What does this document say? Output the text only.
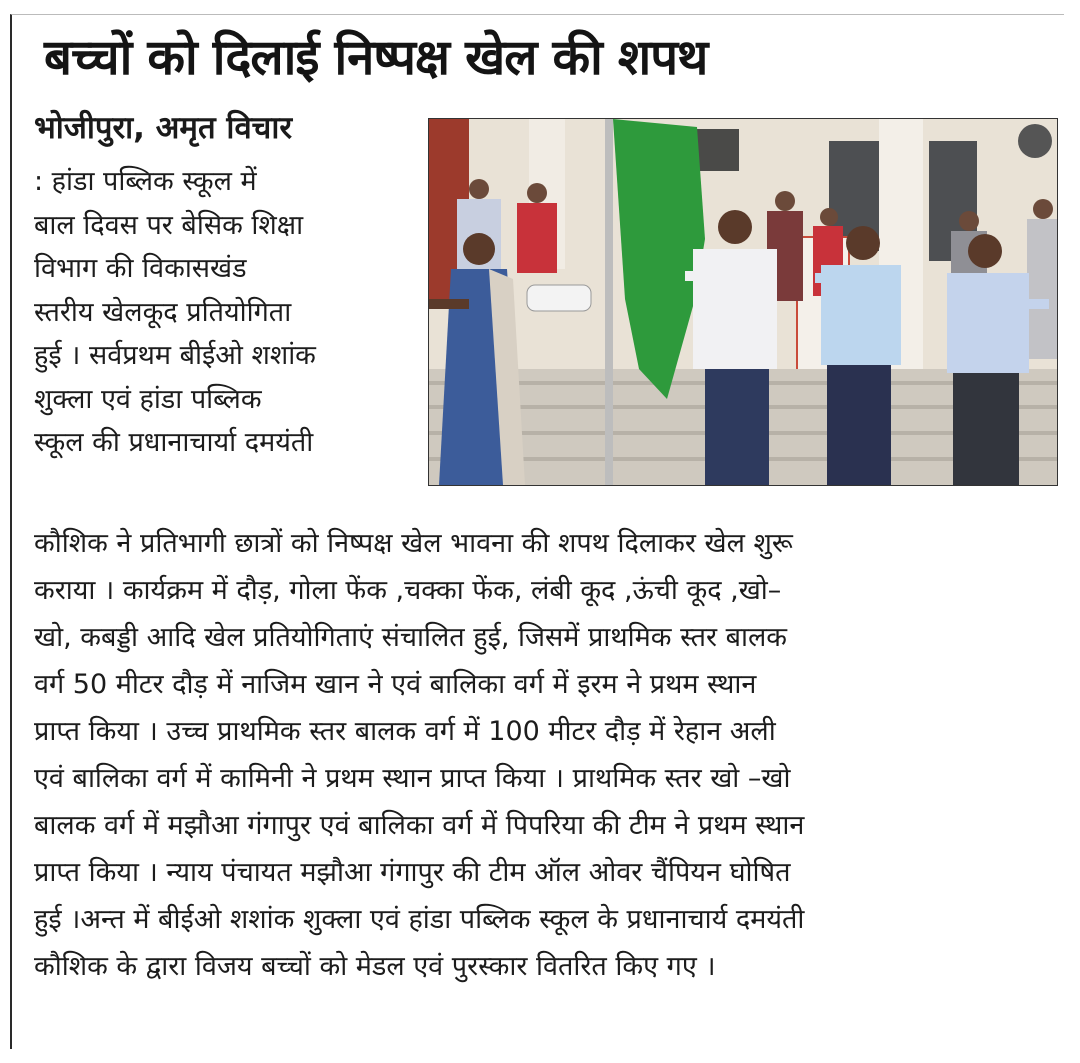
बच्चों को दिलाई निष्पक्ष खेल की शपथ
भोजीपुरा, अमृत विचार
: हांडा पब्लिक स्कूल में
बाल दिवस पर बेसिक शिक्षा
विभाग की विकासखंड
स्तरीय खेलकूद प्रतियोगिता
हुई । सर्वप्रथम बीईओ शशांक
शुक्ला एवं हांडा पब्लिक
स्कूल की प्रधानाचार्या दमयंती
कौशिक ने प्रतिभागी छात्रों को निष्पक्ष खेल भावना की शपथ दिलाकर खेल शुरू
कराया । कार्यक्रम में दौड़, गोला फेंक ,चक्का फेंक, लंबी कूद ,ऊंची कूद ,खो–
खो, कबड्डी आदि खेल प्रतियोगिताएं संचालित हुई, जिसमें प्राथमिक स्तर बालक
वर्ग 50 मीटर दौड़ में नाजिम खान ने एवं बालिका वर्ग में इरम ने प्रथम स्थान
प्राप्त किया । उच्च प्राथमिक स्तर बालक वर्ग में 100 मीटर दौड़ में रेहान अली
एवं बालिका वर्ग में कामिनी ने प्रथम स्थान प्राप्त किया । प्राथमिक स्तर खो –खो
बालक वर्ग में मझौआ गंगापुर एवं बालिका वर्ग में पिपरिया की टीम ने प्रथम स्थान
प्राप्त किया । न्याय पंचायत मझौआ गंगापुर की टीम ऑल ओवर चैंपियन घोषित
हुई ।अन्त में बीईओ शशांक शुक्ला एवं हांडा पब्लिक स्कूल के प्रधानाचार्य दमयंती
कौशिक के द्वारा विजय बच्चों को मेडल एवं पुरस्कार वितरित किए गए ।
